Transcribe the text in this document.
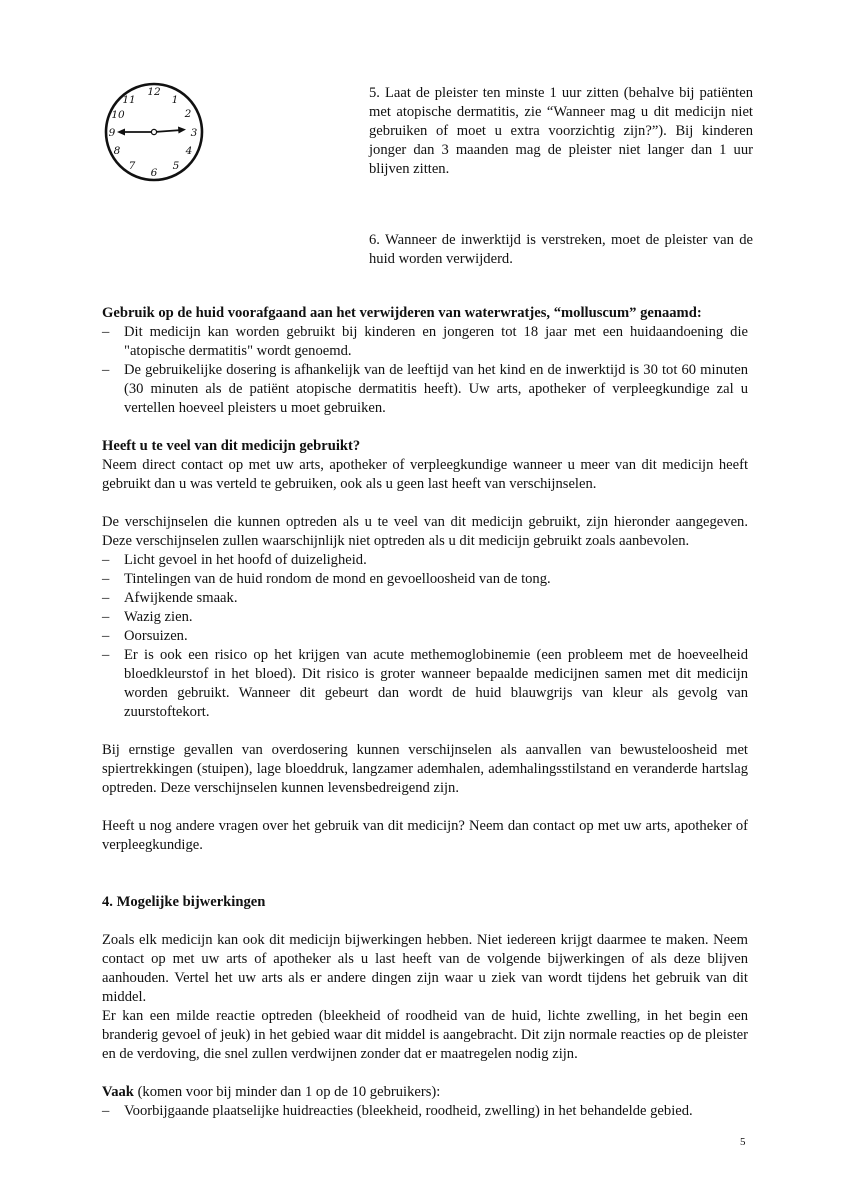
12
1
2
3
4
5
6
7
8
9
10
11	5. Laat de pleister ten minste 1 uur zitten (behalve bij patiënten met atopische dermatitis, zie “Wanneer mag u dit medicijn niet gebruiken of moet u extra voorzichtig zijn?”). Bij kinderen jonger dan 3 maanden mag de pleister niet langer dan 1 uur blijven zitten.
6. Wanneer de inwerktijd is verstreken, moet de pleister van de huid worden verwijderd.

Gebruik op de huid voorafgaand aan het verwijderen van waterwratjes, “molluscum” genaamd:

– Dit medicijn kan worden gebruikt bij kinderen en jongeren tot 18 jaar met een huidaandoening die "atopische dermatitis" wordt genoemd.
– De gebruikelijke dosering is afhankelijk van de leeftijd van het kind en de inwerktijd is 30 tot 60 minuten (30 minuten als de patiënt atopische dermatitis heeft). Uw arts, apotheker of verpleegkundige zal u vertellen hoeveel pleisters u moet gebruiken.

Heeft u te veel van dit medicijn gebruikt?

Neem direct contact op met uw arts, apotheker of verpleegkundige wanneer u meer van dit medicijn heeft gebruikt dan u was verteld te gebruiken, ook als u geen last heeft van verschijnselen.

De verschijnselen die kunnen optreden als u te veel van dit medicijn gebruikt, zijn hieronder aangegeven. Deze verschijnselen zullen waarschijnlijk niet optreden als u dit medicijn gebruikt zoals aanbevolen.

– Licht gevoel in het hoofd of duizeligheid.
– Tintelingen van de huid rondom de mond en gevoelloosheid van de tong.
– Afwijkende smaak.
– Wazig zien.
– Oorsuizen.
– Er is ook een risico op het krijgen van acute methemoglobinemie (een probleem met de hoeveelheid bloedkleurstof in het bloed). Dit risico is groter wanneer bepaalde medicijnen samen met dit medicijn worden gebruikt. Wanneer dit gebeurt dan wordt de huid blauwgrijs van kleur als gevolg van zuurstoftekort.

Bij ernstige gevallen van overdosering kunnen verschijnselen als aanvallen van bewusteloosheid met spiertrekkingen (stuipen), lage bloeddruk, langzamer ademhalen, ademhalingsstilstand en veranderde hartslag optreden. Deze verschijnselen kunnen levensbedreigend zijn.

Heeft u nog andere vragen over het gebruik van dit medicijn? Neem dan contact op met uw arts, apotheker of verpleegkundige.

4. Mogelijke bijwerkingen

Zoals elk medicijn kan ook dit medicijn bijwerkingen hebben. Niet iedereen krijgt daarmee te maken. Neem contact op met uw arts of apotheker als u last heeft van de volgende bijwerkingen of als deze blijven aanhouden. Vertel het uw arts als er andere dingen zijn waar u ziek van wordt tijdens het gebruik van dit middel.

Er kan een milde reactie optreden (bleekheid of roodheid van de huid, lichte zwelling, in het begin een branderig gevoel of jeuk) in het gebied waar dit middel is aangebracht. Dit zijn normale reacties op de pleister en de verdoving, die snel zullen verdwijnen zonder dat er maatregelen nodig zijn.

Vaak (komen voor bij minder dan 1 op de 10 gebruikers):

– Voorbijgaande plaatselijke huidreacties (bleekheid, roodheid, zwelling) in het behandelde gebied.
5
